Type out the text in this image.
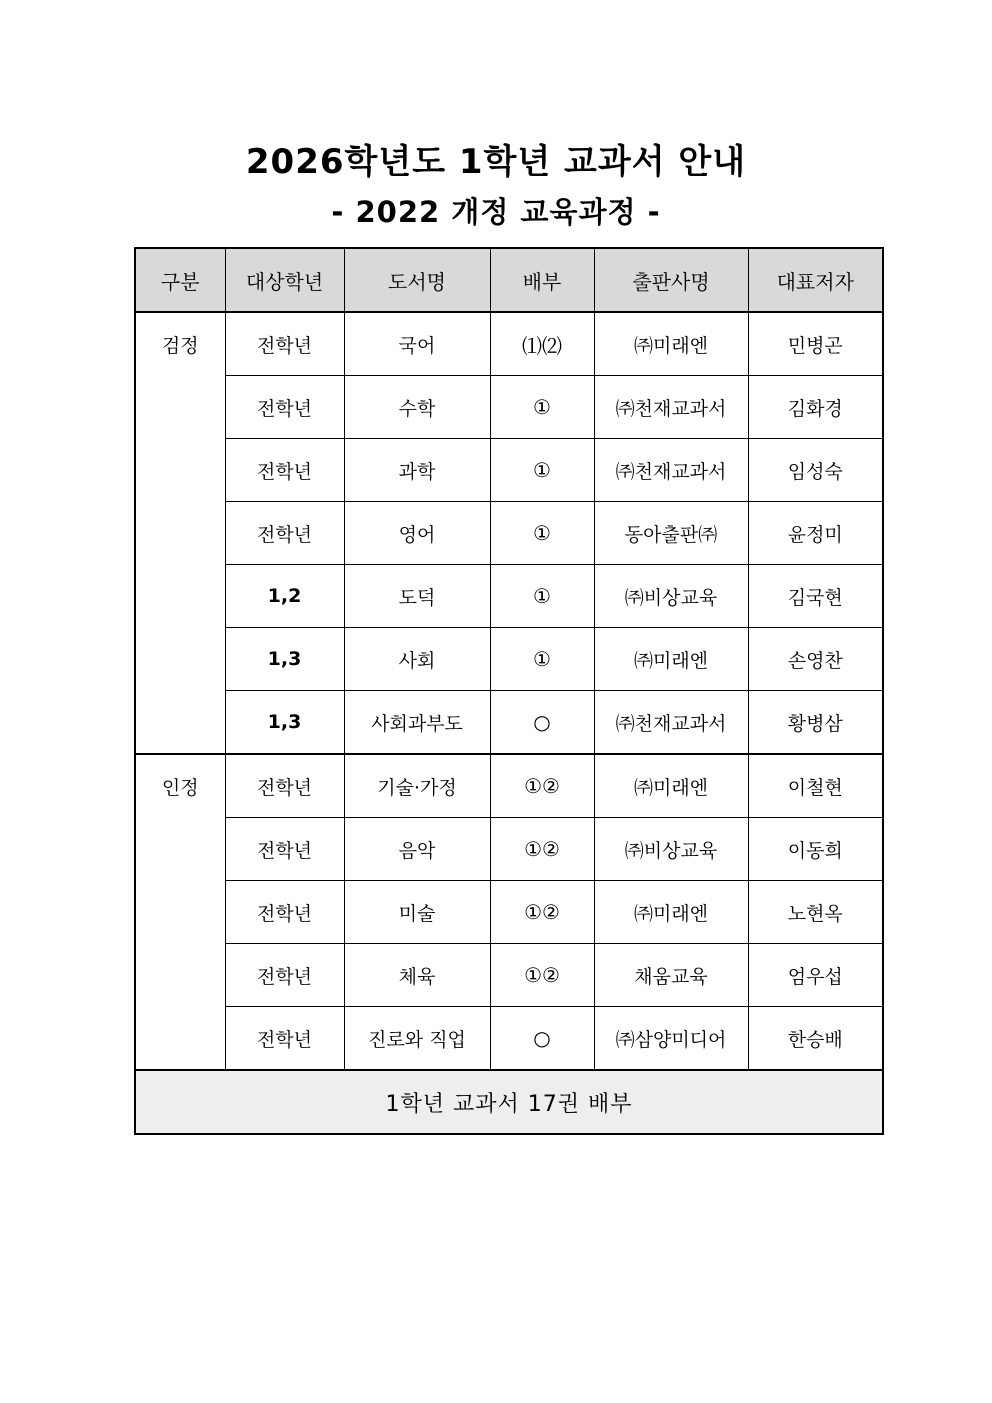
2026학년도 1학년 교과서 안내
- 2022 개정 교육과정 -
구분	대상학년	도서명	배부	출판사명	대표저자
검정	전학년	국어	⑴⑵	㈜미래엔	민병곤
	전학년	수학	①	㈜천재교과서	김화경
	전학년	과학	①	㈜천재교과서	임성숙
	전학년	영어	①	동아출판㈜	윤정미
	1,2	도덕	①	㈜비상교육	김국현
	1,3	사회	①	㈜미래엔	손영찬
	1,3	사회과부도	○	㈜천재교과서	황병삼
인정	전학년	기술·가정	①②	㈜미래엔	이철현
	전학년	음악	①②	㈜비상교육	이동희
	전학년	미술	①②	㈜미래엔	노현옥
	전학년	체육	①②	채움교육	엄우섭
	전학년	진로와 직업	○	㈜삼양미디어	한승배
1학년 교과서 17권 배부					
